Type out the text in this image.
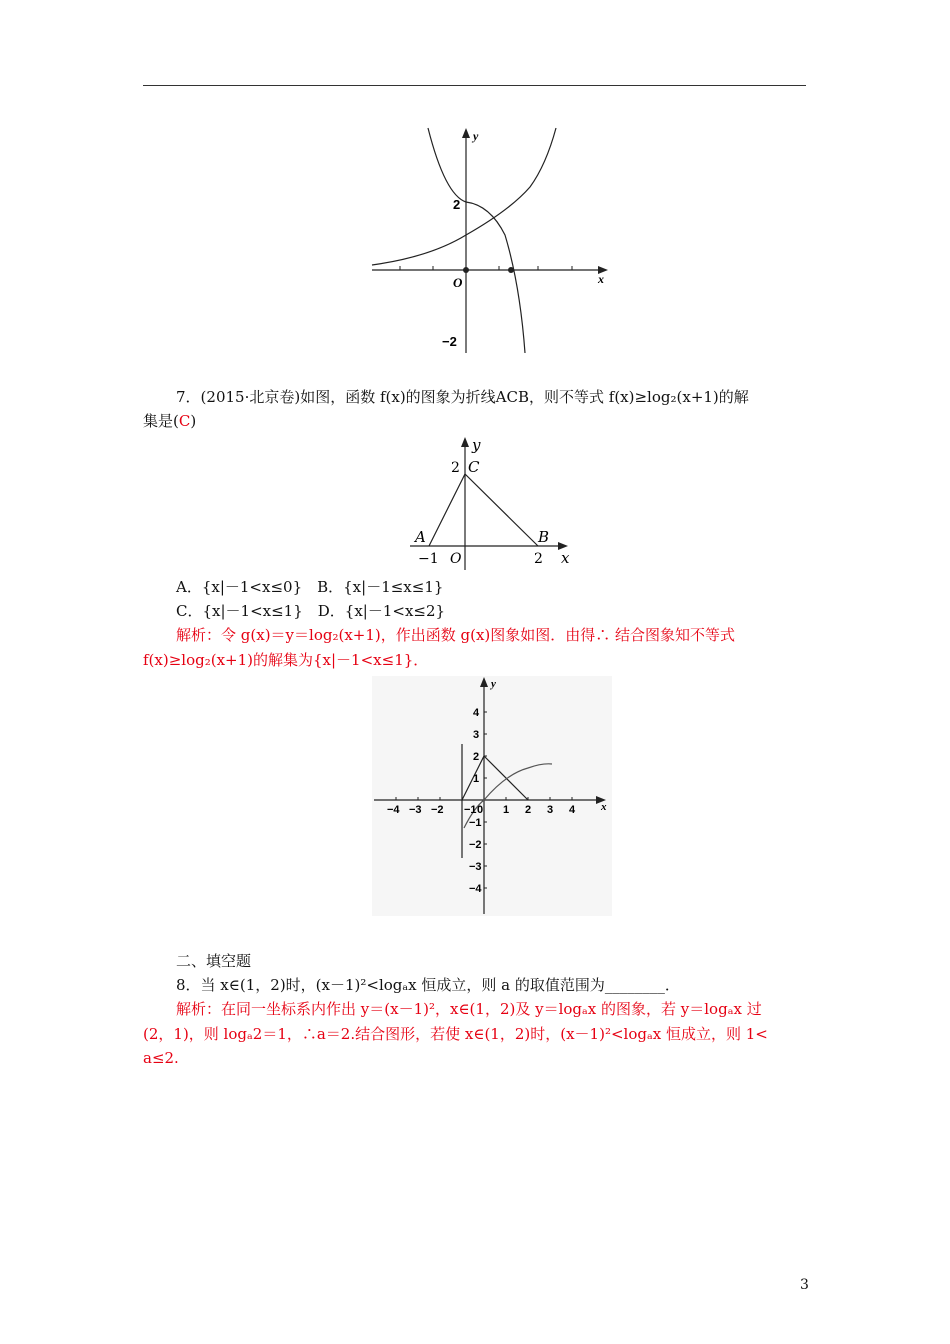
x
y
O
2
−2
7．(2015·北京卷)如图，函数 f(x)的图象为折线ACB，则不等式 f(x)≥log₂(x+1)的解
集是(C)
y
C
2
A	B
−1 O	2 x
A．{x|－1<x≤0}　B．{x|－1≤x≤1}
C．{x|－1<x≤1}　D．{x|－1<x≤2}
解析：令 g(x)＝y＝log₂(x+1)，作出函数 g(x)图象如图．由得∴ 结合图象知不等式
f(x)≥log₂(x+1)的解集为{x|－1<x≤1}．
x
y
−4 −3 −2 −1 0 1 2 3 4
4
3
2
1
−1
−2
−3
−4
二、填空题
8．当 x∈(1，2)时，(x－1)²<logₐx 恒成立，则 a 的取值范围为________．
解析：在同一坐标系内作出 y＝(x－1)²，x∈(1，2)及 y＝logₐx 的图象，若 y＝logₐx 过
(2，1)，则 logₐ2＝1，∴a＝2.结合图形，若使 x∈(1，2)时，(x－1)²<logₐx 恒成立，则 1<
a≤2.
3
